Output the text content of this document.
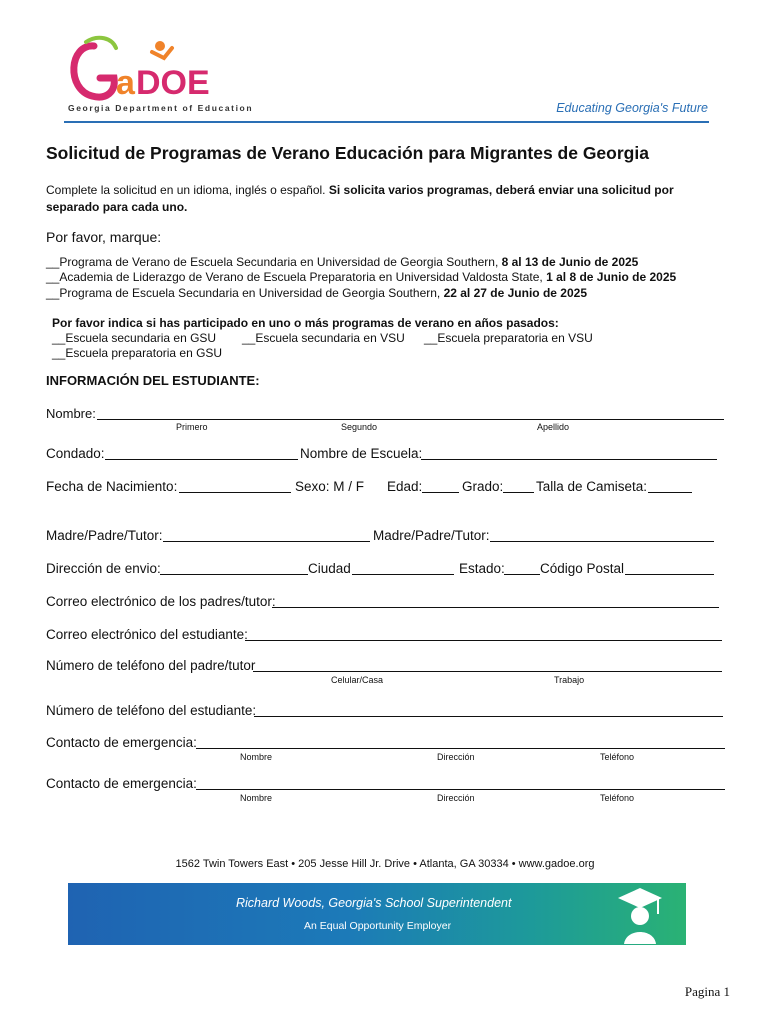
a DOE
Georgia Department of Education	Educating Georgia's Future
Solicitud de Programas de Verano Educación para Migrantes de Georgia
Complete la solicitud en un idioma, inglés o español. Si solicita varios programas, deberá enviar una solicitud por
separado para cada uno.
Por favor, marque:
__Programa de Verano de Escuela Secundaria en Universidad de Georgia Southern, 8 al 13 de Junio de 2025
__Academia de Liderazgo de Verano de Escuela Preparatoria en Universidad Valdosta State, 1 al 8 de Junio de 2025
__Programa de Escuela Secundaria en Universidad de Georgia Southern, 22 al 27 de Junio de 2025
Por favor indica si has participado en uno o más programas de verano en años pasados:
__Escuela secundaria en GSU __Escuela secundaria en VSU __Escuela preparatoria en VSU
__Escuela preparatoria en GSU
INFORMACIÓN DEL ESTUDIANTE:
Nombre:
Primero	Segundo	Apellido
Condado:	Nombre de Escuela:
Fecha de Nacimiento:	Sexo: M / F Edad:	Grado: Talla de Camiseta:
Madre/Padre/Tutor:	Madre/Padre/Tutor:
Dirección de envio:	Ciudad	Estado:	Código Postal
Correo electrónico de los padres/tutor:
Correo electrónico del estudiante:
Número de teléfono del padre/tutor
Celular/Casa	Trabajo
Número de teléfono del estudiante:
Contacto de emergencia:
Nombre	Dirección	Teléfono
Contacto de emergencia:
Nombre	Dirección	Teléfono
1562 Twin Towers East • 205 Jesse Hill Jr. Drive • Atlanta, GA 30334 • www.gadoe.org
Richard Woods, Georgia's School Superintendent
An Equal Opportunity Employer
Pagina 1
